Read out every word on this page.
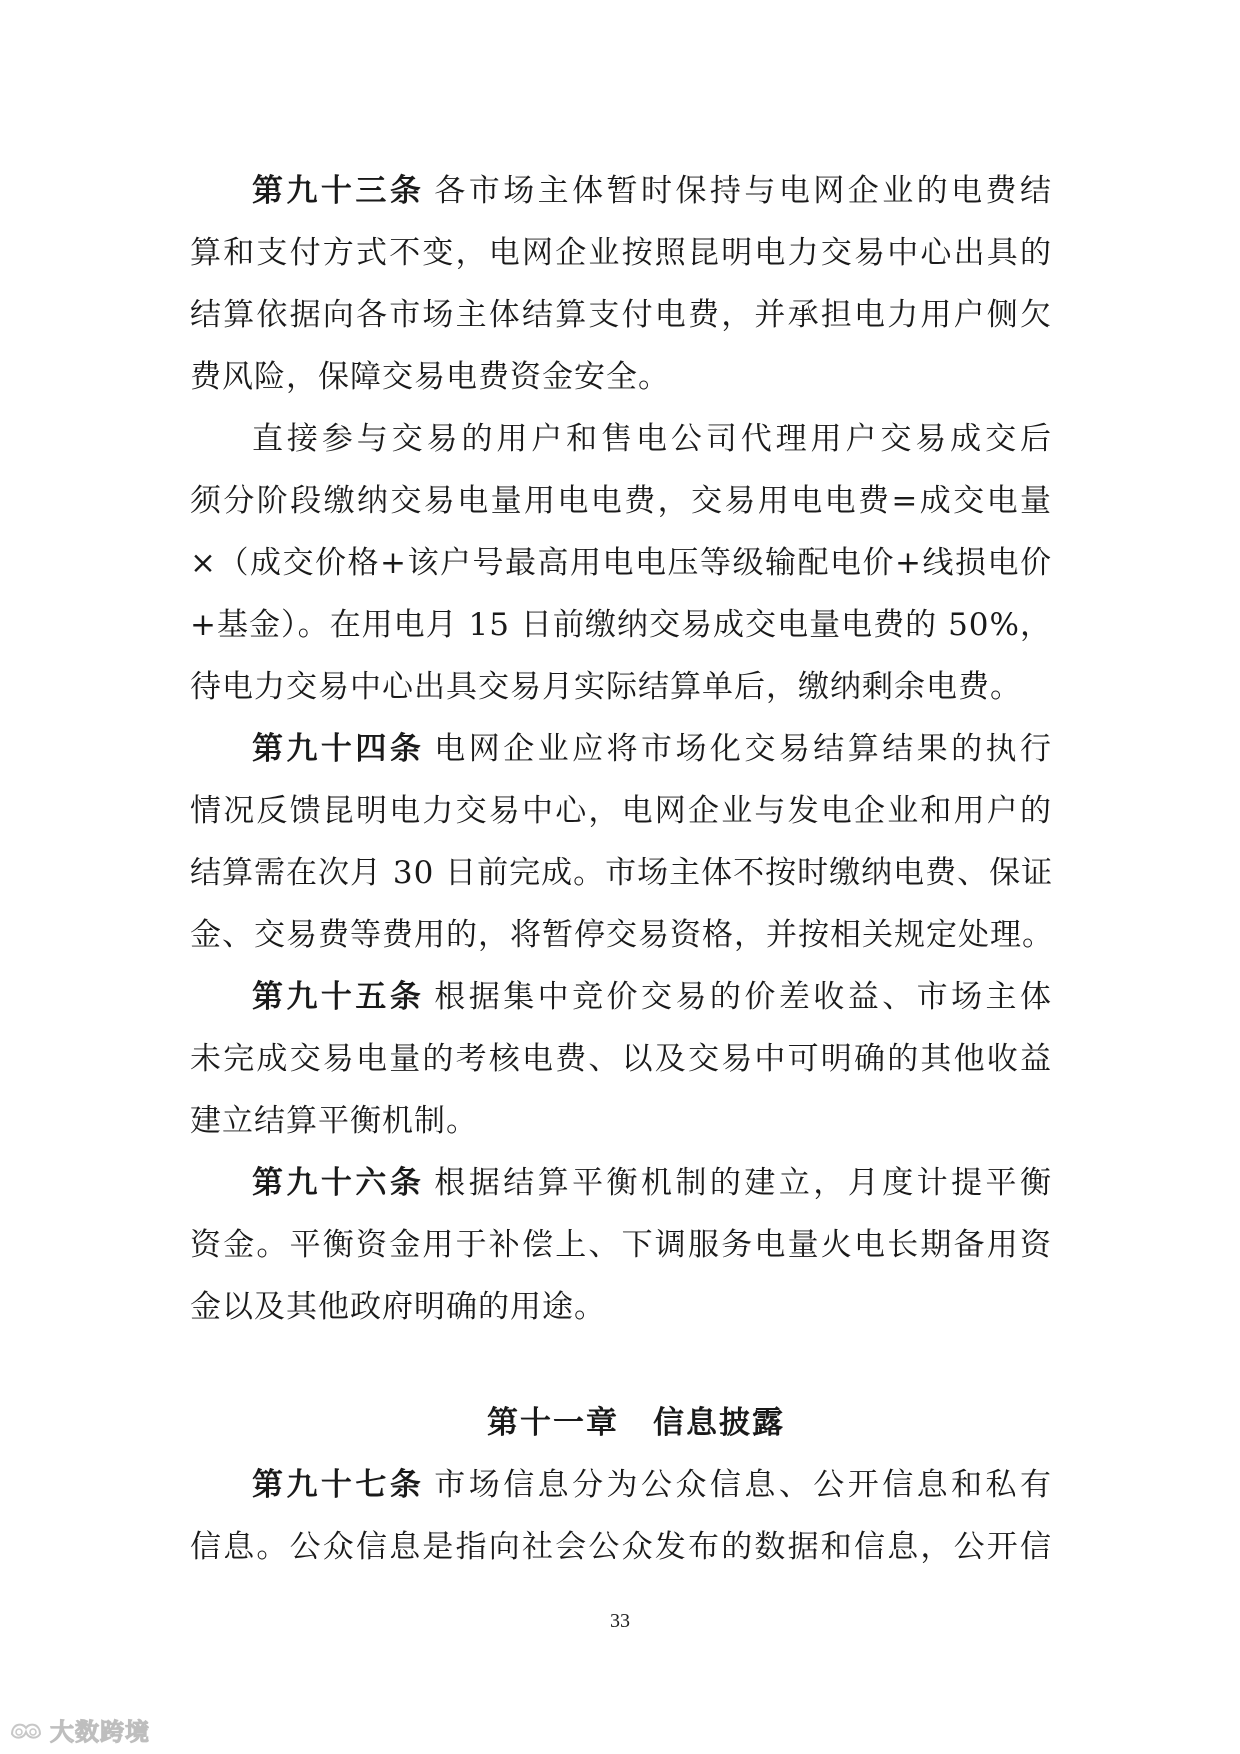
第九十三条 各市场主体暂时保持与电网企业的电费结
算和支付方式不变，电网企业按照昆明电力交易中心出具的
结算依据向各市场主体结算支付电费，并承担电力用户侧欠
费风险，保障交易电费资金安全。
直接参与交易的用户和售电公司代理用户交易成交后
须分阶段缴纳交易电量用电电费，交易用电电费=成交电量
×（成交价格+该户号最高用电电压等级输配电价+线损电价
+基金）。在用电月 15 日前缴纳交易成交电量电费的 50%，
待电力交易中心出具交易月实际结算单后，缴纳剩余电费。
第九十四条 电网企业应将市场化交易结算结果的执行
情况反馈昆明电力交易中心，电网企业与发电企业和用户的
结算需在次月 30 日前完成。市场主体不按时缴纳电费、保证
金、交易费等费用的，将暂停交易资格，并按相关规定处理。
第九十五条 根据集中竞价交易的价差收益、市场主体
未完成交易电量的考核电费、以及交易中可明确的其他收益
建立结算平衡机制。
第九十六条 根据结算平衡机制的建立，月度计提平衡
资金。平衡资金用于补偿上、下调服务电量火电长期备用资
金以及其他政府明确的用途。
第十一章 信息披露
第九十七条 市场信息分为公众信息、公开信息和私有
信息。公众信息是指向社会公众发布的数据和信息，公开信
33
大数跨境
